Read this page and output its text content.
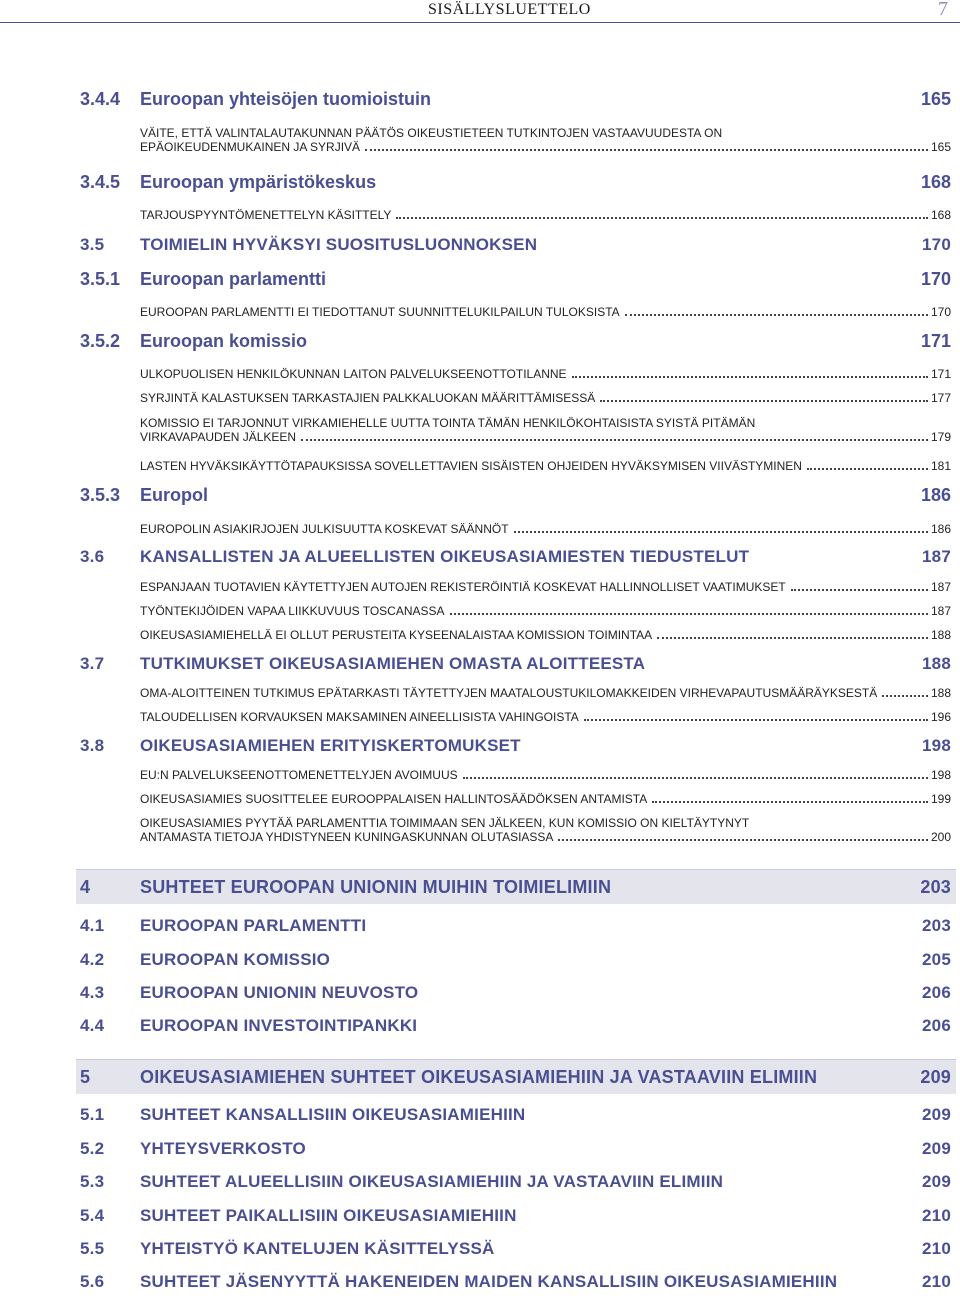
SISÄLLYSLUETTELO	7
3.4.4	Euroopan yhteisöjen tuomioistuin	165
VÄITE, ETTÄ VALINTALAUTAKUNNAN PÄÄTÖS OIKEUSTIETEEN TUTKINTOJEN VASTAAVUUDESTA ON
EPÄOIKEUDENMUKAINEN JA SYRJIVÄ	165
3.4.5	Euroopan ympäristökeskus	168
TARJOUSPYYNTÖMENETTELYN KÄSITTELY	168
3.5	TOIMIELIN HYVÄKSYI SUOSITUSLUONNOKSEN	170
3.5.1	Euroopan parlamentti	170
EUROOPAN PARLAMENTTI EI TIEDOTTANUT SUUNNITTELUKILPAILUN TULOKSISTA	170
3.5.2	Euroopan komissio	171
ULKOPUOLISEN HENKILÖKUNNAN LAITON PALVELUKSEENOTTOTILANNE	171
SYRJINTÄ KALASTUKSEN TARKASTAJIEN PALKKALUOKAN MÄÄRITTÄMISESSÄ	177
KOMISSIO EI TARJONNUT VIRKAMIEHELLE UUTTA TOINTA TÄMÄN HENKILÖKOHTAISISTA SYISTÄ PITÄMÄN
VIRKAVAPAUDEN JÄLKEEN	179
LASTEN HYVÄKSIKÄYTTÖTAPAUKSISSA SOVELLETTAVIEN SISÄISTEN OHJEIDEN HYVÄKSYMISEN VIIVÄSTYMINEN	181
3.5.3	Europol	186
EUROPOLIN ASIAKIRJOJEN JULKISUUTTA KOSKEVAT SÄÄNNÖT	186
3.6	KANSALLISTEN JA ALUEELLISTEN OIKEUSASIAMIESTEN TIEDUSTELUT	187
ESPANJAAN TUOTAVIEN KÄYTETTYJEN AUTOJEN REKISTERÖINTIÄ KOSKEVAT HALLINNOLLISET VAATIMUKSET	187
TYÖNTEKIJÖIDEN VAPAA LIIKKUVUUS TOSCANASSA	187
OIKEUSASIAMIEHELLÄ EI OLLUT PERUSTEITA KYSEENALAISTAA KOMISSION TOIMINTAA	188
3.7	TUTKIMUKSET OIKEUSASIAMIEHEN OMASTA ALOITTEESTA	188
OMA-ALOITTEINEN TUTKIMUS EPÄTARKASTI TÄYTETTYJEN MAATALOUSTUKILOMAKKEIDEN VIRHEVAPAUTUSMÄÄRÄYKSESTÄ	188
TALOUDELLISEN KORVAUKSEN MAKSAMINEN AINEELLISISTA VAHINGOISTA	196
3.8	OIKEUSASIAMIEHEN ERITYISKERTOMUKSET	198
EU:N PALVELUKSEENOTTOMENETTELYJEN AVOIMUUS	198
OIKEUSASIAMIES SUOSITTELEE EUROOPPALAISEN HALLINTOSÄÄDÖKSEN ANTAMISTA	199
OIKEUSASIAMIES PYYTÄÄ PARLAMENTTIA TOIMIMAAN SEN JÄLKEEN, KUN KOMISSIO ON KIELTÄYTYNYT
ANTAMASTA TIETOJA YHDISTYNEEN KUNINGASKUNNAN OLUTASIASSA	200
4	SUHTEET EUROOPAN UNIONIN MUIHIN TOIMIELIMIIN	203
4.1	EUROOPAN PARLAMENTTI	203
4.2	EUROOPAN KOMISSIO	205
4.3	EUROOPAN UNIONIN NEUVOSTO	206
4.4	EUROOPAN INVESTOINTIPANKKI	206
5	OIKEUSASIAMIEHEN SUHTEET OIKEUSASIAMIEHIIN JA VASTAAVIIN ELIMIIN	209
5.1	SUHTEET KANSALLISIIN OIKEUSASIAMIEHIIN	209
5.2	YHTEYSVERKOSTO	209
5.3	SUHTEET ALUEELLISIIN OIKEUSASIAMIEHIIN JA VASTAAVIIN ELIMIIN	209
5.4	SUHTEET PAIKALLISIIN OIKEUSASIAMIEHIIN	210
5.5	YHTEISTYÖ KANTELUJEN KÄSITTELYSSÄ	210
5.6	SUHTEET JÄSENYYTTÄ HAKENEIDEN MAIDEN KANSALLISIIN OIKEUSASIAMIEHIIN	210
